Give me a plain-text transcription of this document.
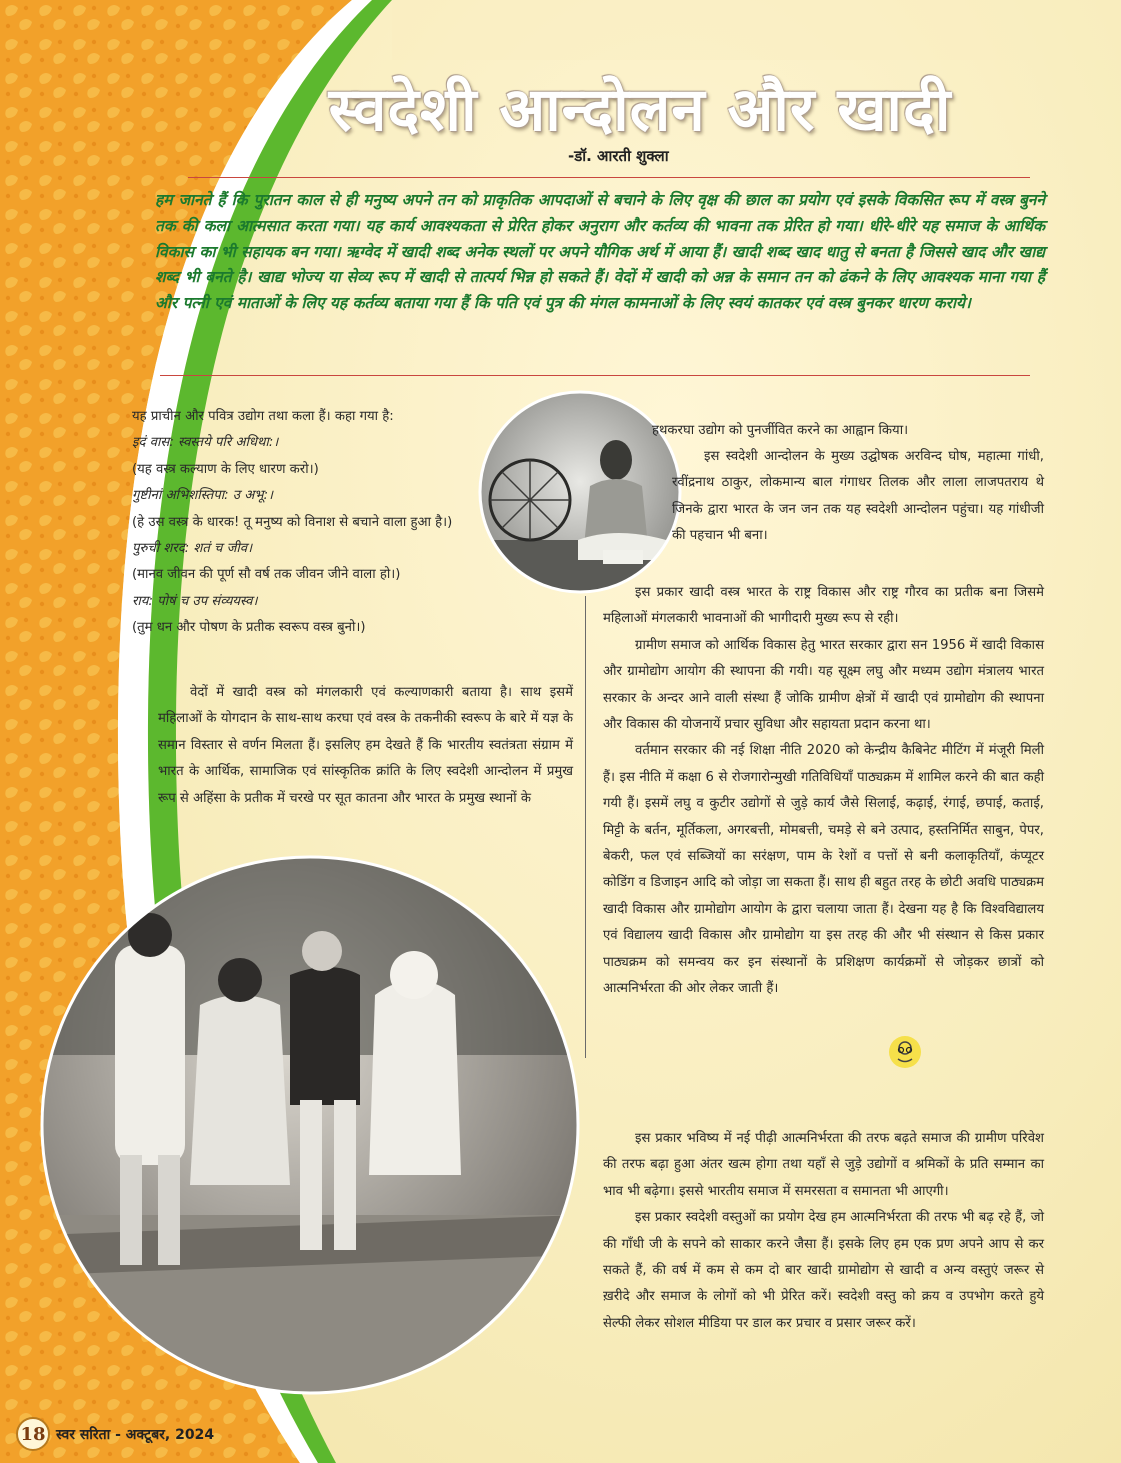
स्वदेशी आन्दोलन और खादी
-डॉ. आरती शुक्ला
हम जानते हैं कि पुरातन काल से ही मनुष्य अपने तन को प्राकृतिक आपदाओं से बचाने के लिए वृक्ष की छाल का प्रयोग एवं इसके विकसित रूप में वस्त्र बुनने तक की कला आत्मसात करता गया। यह कार्य आवश्यकता से प्रेरित होकर अनुराग और कर्तव्य की भावना तक प्रेरित हो गया। धीरे-धीरे यह समाज के आर्थिक विकास का भी सहायक बन गया। ऋग्वेद में खादी शब्द अनेक स्थलों पर अपने यौगिक अर्थ में आया हैं। खादी शब्द खाद धातु से बनता है जिससे खाद और खाद्य शब्द भी बनते है। खाद्य भोज्य या सेव्य रूप में खादी से तात्पर्य भिन्न हो सकते हैं। वेदों में खादी को अन्न के समान तन को ढंकने के लिए आवश्यक माना गया हैं और पत्नी एवं माताओं के लिए यह कर्तव्य बताया गया हैं कि पति एवं पुत्र की मंगल कामनाओं के लिए स्वयं कातकर एवं वस्त्र बुनकर धारण कराये।

यह प्राचीन और पवित्र उद्योग तथा कला हैं। कहा गया है:

इदं वास: स्वस्तये परि अधिथा:।

(यह वस्त्र कल्याण के लिए धारण करो।)

गुष्टीनां अभिशस्तिपा: उ अभू:।

(हे उस वस्त्र के धारक! तू मनुष्य को विनाश से बचाने वाला हुआ है।)

पुरुची शरद: शतं च जीव।

(मानव जीवन की पूर्ण सौ वर्ष तक जीवन जीने वाला हो।)

राय: पोषं च उप संव्ययस्व।

(तुम धन और पोषण के प्रतीक स्वरूप वस्त्र बुनो।)

वेदों में खादी वस्त्र को मंगलकारी एवं कल्याणकारी बताया है। साथ इसमें महिलाओं के योगदान के साथ-साथ करघा एवं वस्त्र के तकनीकी स्वरूप के बारे में यज्ञ के समान विस्तार से वर्णन मिलता हैं। इसलिए हम देखते हैं कि भारतीय स्वतंत्रता संग्राम में भारत के आर्थिक, सामाजिक एवं सांस्कृतिक क्रांति के लिए स्वदेशी आन्दोलन में प्रमुख रूप से अहिंसा के प्रतीक में चरखे पर सूत कातना और भारत के प्रमुख स्थानों के

हथकरघा उद्योग को पुनर्जीवित करने का आह्वान किया।

इस स्वदेशी आन्दोलन के मुख्य उद्घोषक अरविन्द घोष, महात्मा गांधी, रवींद्रनाथ ठाकुर, लोकमान्य बाल गंगाधर तिलक और लाला लाजपतराय थे जिनके द्वारा भारत के जन जन तक यह स्वदेशी आन्दोलन पहुंचा। यह गांधीजी की पहचान भी बना।

इस प्रकार खादी वस्त्र भारत के राष्ट्र विकास और राष्ट्र गौरव का प्रतीक बना जिसमे महिलाओं मंगलकारी भावनाओं की भागीदारी मुख्य रूप से रही।

ग्रामीण समाज को आर्थिक विकास हेतु भारत सरकार द्वारा सन 1956 में खादी विकास और ग्रामोद्योग आयोग की स्थापना की गयी। यह सूक्ष्म लघु और मध्यम उद्योग मंत्रालय भारत सरकार के अन्दर आने वाली संस्था हैं जोकि ग्रामीण क्षेत्रों में खादी एवं ग्रामोद्योग की स्थापना और विकास की योजनायें प्रचार सुविधा और सहायता प्रदान करना था।

वर्तमान सरकार की नई शिक्षा नीति 2020 को केन्द्रीय कैबिनेट मीटिंग में मंजूरी मिली हैं। इस नीति में कक्षा 6 से रोजगारोन्मुखी गतिविधियाँ पाठ्यक्रम में शामिल करने की बात कही गयी हैं। इसमें लघु व कुटीर उद्योगों से जुड़े कार्य जैसे सिलाई, कढ़ाई, रंगाई, छपाई, कताई, मिट्टी के बर्तन, मूर्तिकला, अगरबत्ती, मोमबत्ती, चमड़े से बने उत्पाद, हस्तनिर्मित साबुन, पेपर, बेकरी, फल एवं सब्जियों का सरंक्षण, पाम के रेशों व पत्तों से बनी कलाकृतियाँ, कंप्यूटर कोडिंग व डिजाइन आदि को जोड़ा जा सकता हैं। साथ ही बहुत तरह के छोटी अवधि पाठ्यक्रम खादी विकास और ग्रामोद्योग आयोग के द्वारा चलाया जाता हैं। देखना यह है कि विश्वविद्यालय एवं विद्यालय खादी विकास और ग्रामोद्योग या इस तरह की और भी संस्थान से किस प्रकार पाठ्यक्रम को समन्वय कर इन संस्थानों के प्रशिक्षण कार्यक्रमों से जोड़कर छात्रों को आत्मनिर्भरता की ओर लेकर जाती हैं।

इस प्रकार भविष्य में नई पीढ़ी आत्मनिर्भरता की तरफ बढ़ते समाज की ग्रामीण परिवेश की तरफ बढ़ा हुआ अंतर खत्म होगा तथा यहाँ से जुड़े उद्योगों व श्रमिकों के प्रति सम्मान का भाव भी बढ़ेगा। इससे भारतीय समाज में समरसता व समानता भी आएगी।

इस प्रकार स्वदेशी वस्तुओं का प्रयोग देख हम आत्मनिर्भरता की तरफ भी बढ़ रहे हैं, जो की गाँधी जी के सपने को साकार करने जैसा हैं। इसके लिए हम एक प्रण अपने आप से कर सकते हैं, की वर्ष में कम से कम दो बार खादी ग्रामोद्योग से खादी व अन्य वस्तुएं जरूर से ख़रीदे और समाज के लोगों को भी प्रेरित करें। स्वदेशी वस्तु को क्रय व उपभोग करते हुये सेल्फी लेकर सोशल मीडिया पर डाल कर प्रचार व प्रसार जरूर करें।

18 स्वर सरिता - अक्टूबर, 2024
